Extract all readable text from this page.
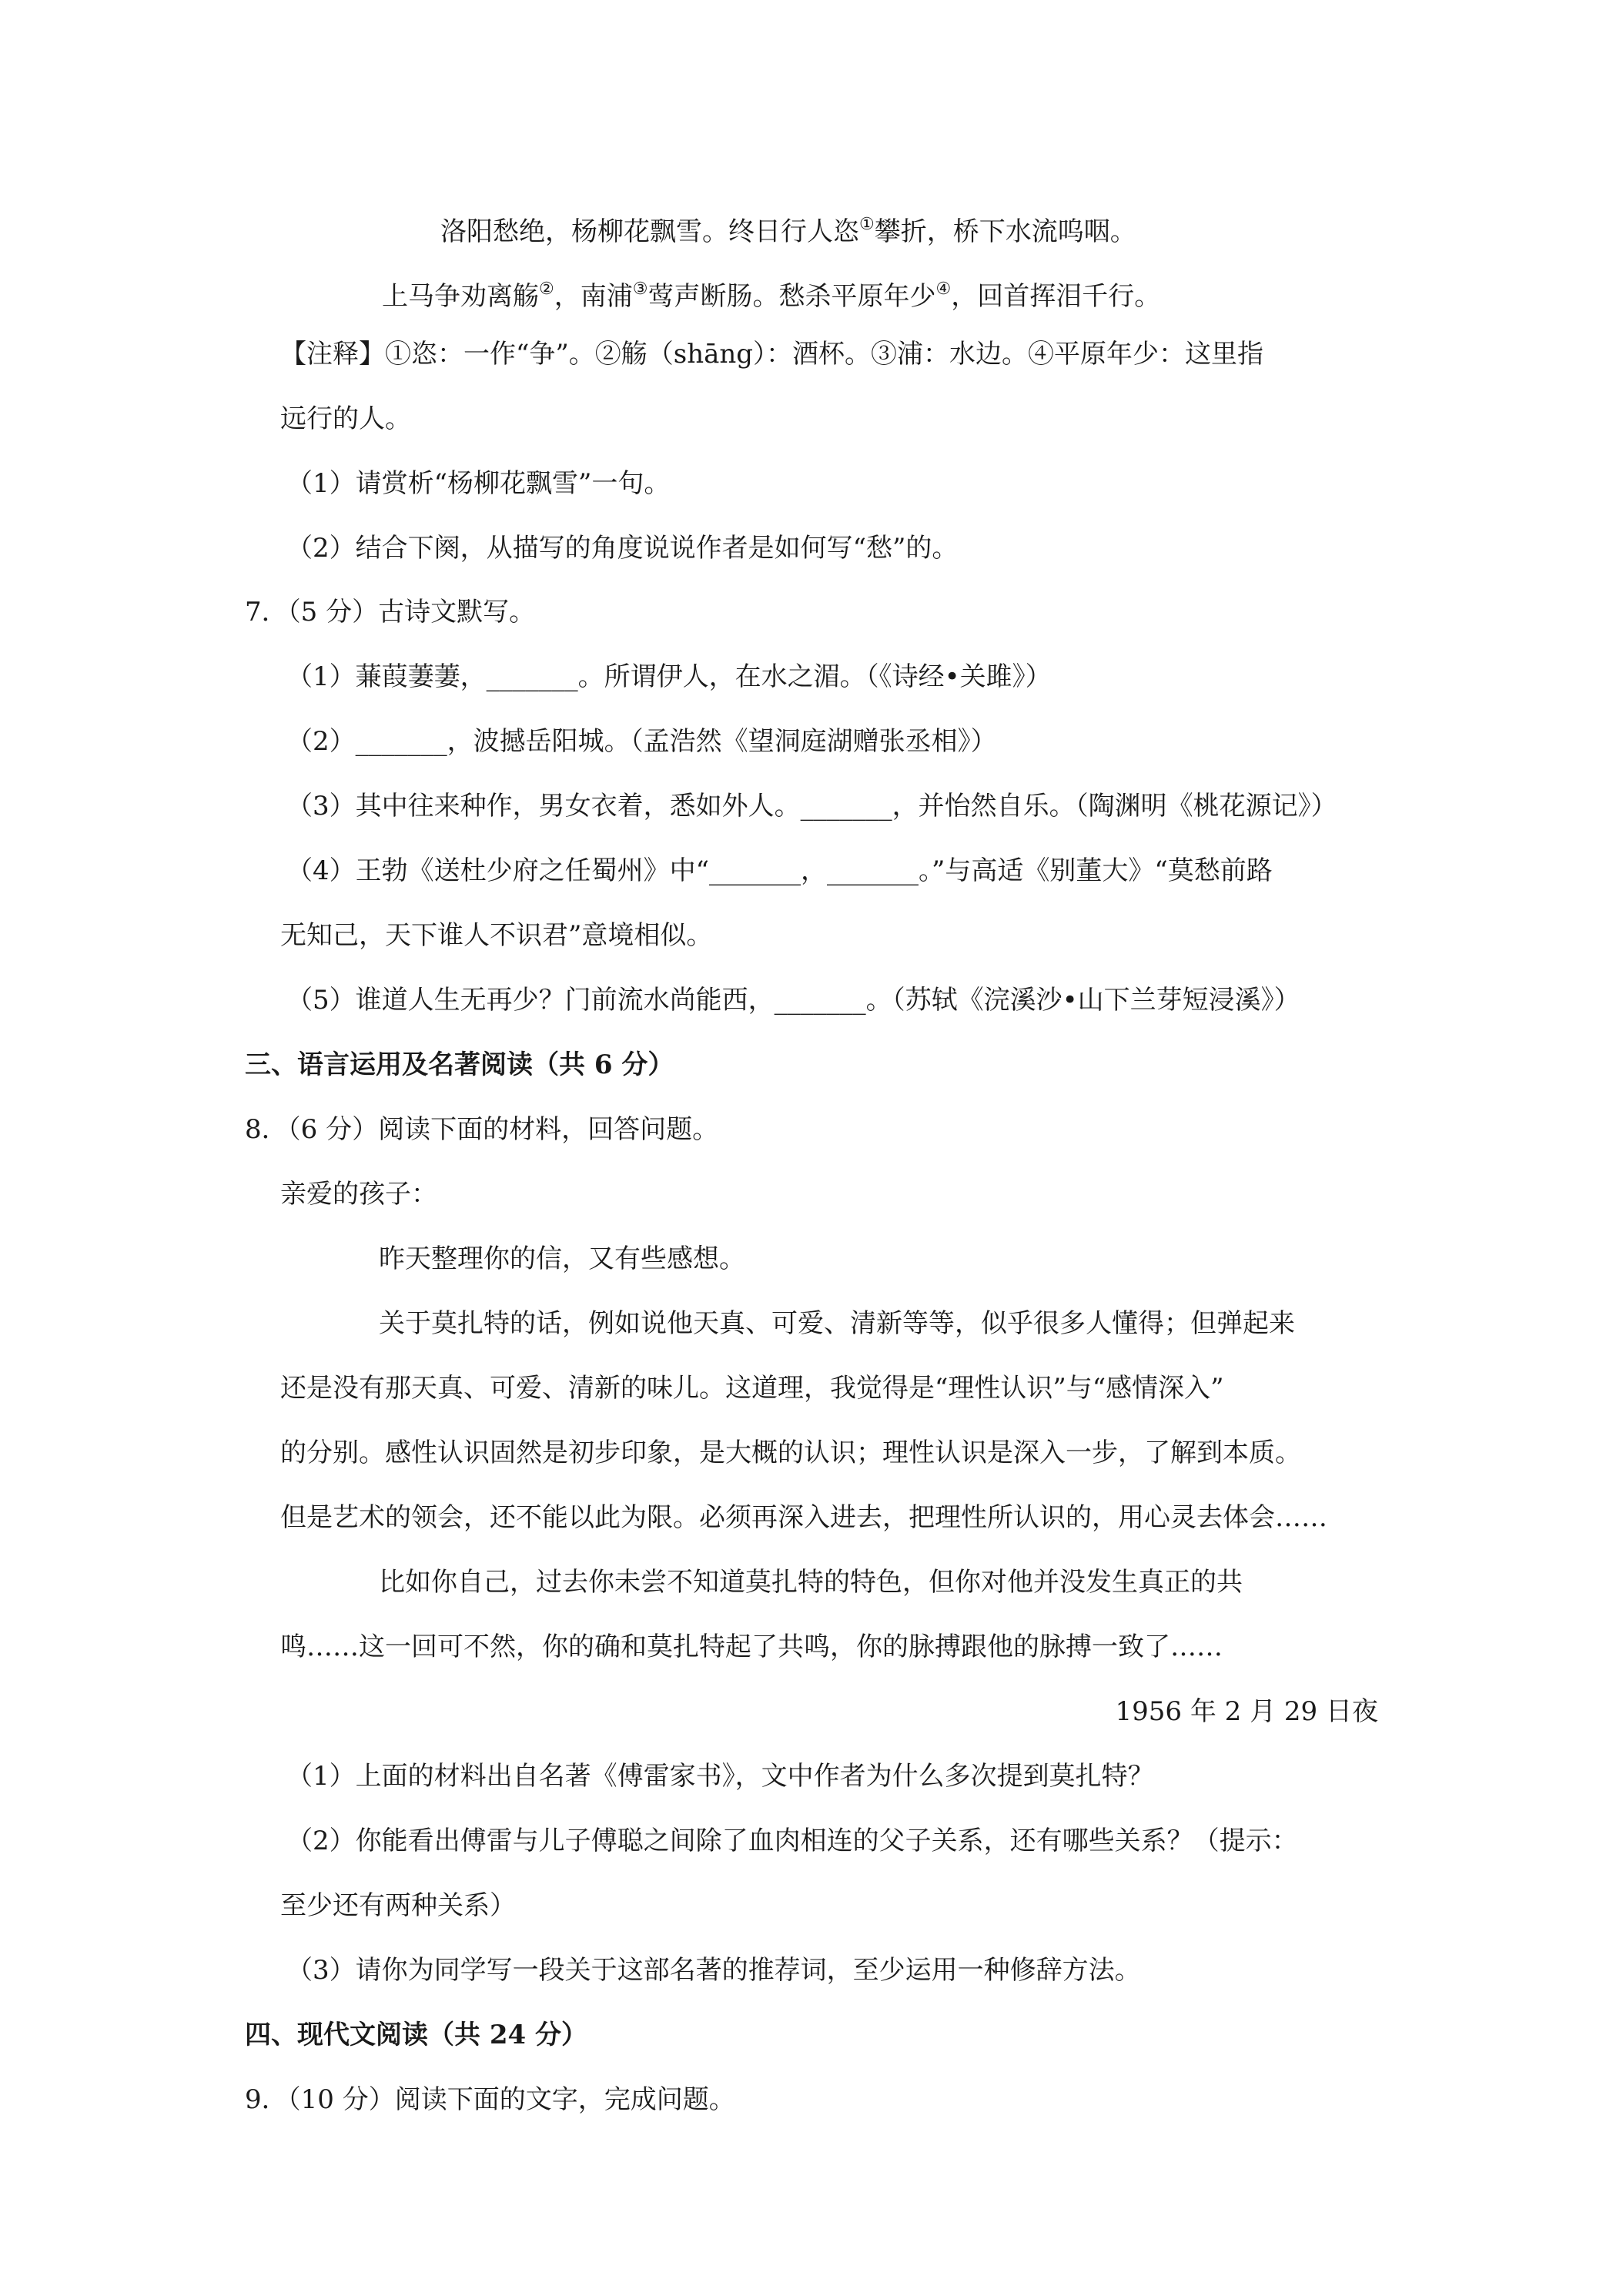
洛阳愁绝，杨柳花飘雪。终日行人恣①攀折，桥下水流呜咽。
上马争劝离觞②，南浦③莺声断肠。愁杀平原年少④，回首挥泪千行。
【注释】①恣：一作“争”。②觞（shāng）：酒杯。③浦：水边。④平原年少：这里指
远行的人。
（1）请赏析“杨柳花飘雪”一句。
（2）结合下阕，从描写的角度说说作者是如何写“愁”的。
7．（5 分）古诗文默写。
（1）蒹葭萋萋，_______。所谓伊人，在水之湄。（《诗经•关雎》）
（2）_______，波撼岳阳城。（孟浩然《望洞庭湖赠张丞相》）
（3）其中往来种作，男女衣着，悉如外人。_______，并怡然自乐。（陶渊明《桃花源记》）
（4）王勃《送杜少府之任蜀州》中“_______，_______。”与高适《别董大》“莫愁前路
无知己，天下谁人不识君”意境相似。
（5）谁道人生无再少？门前流水尚能西，_______。（苏轼《浣溪沙•山下兰芽短浸溪》）
三、语言运用及名著阅读（共 6 分）
8．（6 分）阅读下面的材料，回答问题。
亲爱的孩子：
昨天整理你的信，又有些感想。
关于莫扎特的话，例如说他天真、可爱、清新等等，似乎很多人懂得；但弹起来
还是没有那天真、可爱、清新的味儿。这道理，我觉得是“理性认识”与“感情深入”
的分别。感性认识固然是初步印象，是大概的认识；理性认识是深入一步，了解到本质。
但是艺术的领会，还不能以此为限。必须再深入进去，把理性所认识的，用心灵去体会……
比如你自己，过去你未尝不知道莫扎特的特色，但你对他并没发生真正的共
鸣……这一回可不然，你的确和莫扎特起了共鸣，你的脉搏跟他的脉搏一致了……
1956 年 2 月 29 日夜
（1）上面的材料出自名著《傅雷家书》，文中作者为什么多次提到莫扎特？
（2）你能看出傅雷与儿子傅聪之间除了血肉相连的父子关系，还有哪些关系？（提示：
至少还有两种关系）
（3）请你为同学写一段关于这部名著的推荐词，至少运用一种修辞方法。
四、现代文阅读（共 24 分）
9．（10 分）阅读下面的文字，完成问题。
